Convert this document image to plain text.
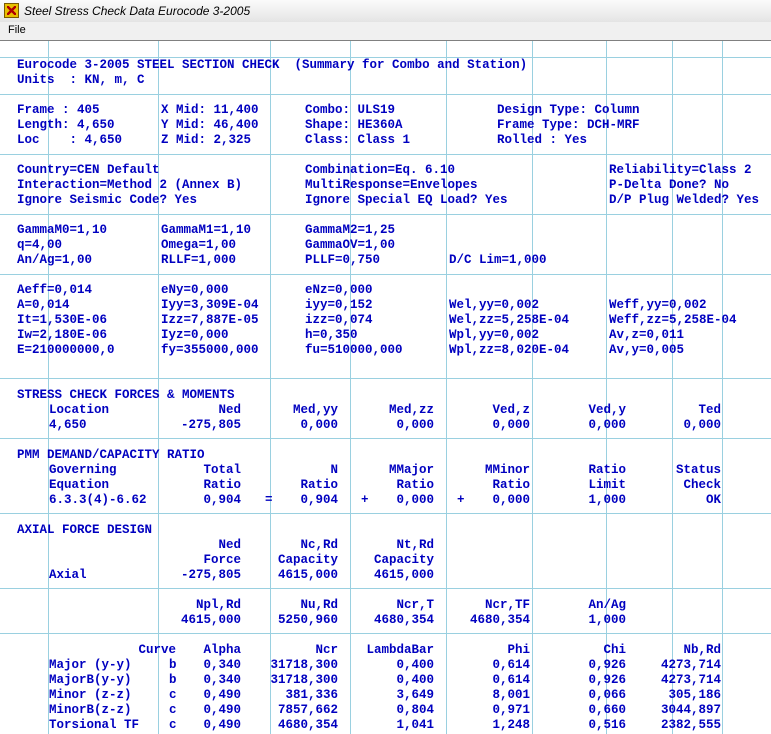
Steel Stress Check Data Eurocode 3-2005
File
Eurocode 3-2005 STEEL SECTION CHECK  (Summary for Combo and Station)
Units  : KN, m, C
Frame : 405
Length: 4,650
Loc    : 4,650
X Mid: 11,400
Y Mid: 46,400
Z Mid: 2,325
Combo: ULS19
Shape: HE360A
Class: Class 1
Design Type: Column
Frame Type: DCH-MRF
Rolled : Yes
Country=CEN Default
Interaction=Method 2 (Annex B)
Ignore Seismic Code? Yes
Combination=Eq. 6.10
MultiResponse=Envelopes
Ignore Special EQ Load? Yes
Reliability=Class 2
P-Delta Done? No
D/P Plug Welded? Yes
GammaM0=1,10	GammaM1=1,10	GammaM2=1,25
q=4,00	Omega=1,00	GammaOV=1,00
An/Ag=1,00	RLLF=1,000	PLLF=0,750	D/C Lim=1,000
Aeff=0,014	eNy=0,000	eNz=0,000
A=0,014	Iyy=3,309E-04	iyy=0,152	Wel,yy=0,002	Weff,yy=0,002
It=1,530E-06	Izz=7,887E-05	izz=0,074	Wel,zz=5,258E-04	Weff,zz=5,258E-04
Iw=2,180E-06	Iyz=0,000	h=0,350	Wpl,yy=0,002	Av,z=0,011
E=210000000,0	fy=355000,000	fu=510000,000	Wpl,zz=8,020E-04	Av,y=0,005
STRESS CHECK FORCES & MOMENTS
Location	Ned	Med,yy	Med,zz	Ved,z	Ved,y	Ted
4,650	-275,805	0,000	0,000	0,000	0,000	0,000
PMM DEMAND/CAPACITY RATIO
Governing	Total	N	MMajor	MMinor	Ratio	Status
Equation	Ratio	Ratio	Ratio	Ratio	Limit	Check
6.3.3(4)-6.62	0,904 = 0,904 + 0,000 + 0,000	1,000	OK
AXIAL FORCE DESIGN
Ned	Nc,Rd	Nt,Rd
Force	Capacity	Capacity
Axial	-275,805	4615,000	4615,000
Npl,Rd	Nu,Rd	Ncr,T	Ncr,TF	An/Ag
4615,000	5250,960	4680,354	4680,354	1,000
Curve Alpha	Ncr LambdaBar	Phi	Chi	Nb,Rd
Major (y-y)	b 0,340 31718,300	0,400	0,614	0,926	4273,714
MajorB(y-y)	b 0,340 31718,300	0,400	0,614	0,926	4273,714
Minor (z-z)	c 0,490	381,336	3,649	8,001	0,066	305,186
MinorB(z-z)	c 0,490	7857,662	0,804	0,971	0,660	3044,897
Torsional TF c 0,490	4680,354	1,041	1,248	0,516	2382,555
